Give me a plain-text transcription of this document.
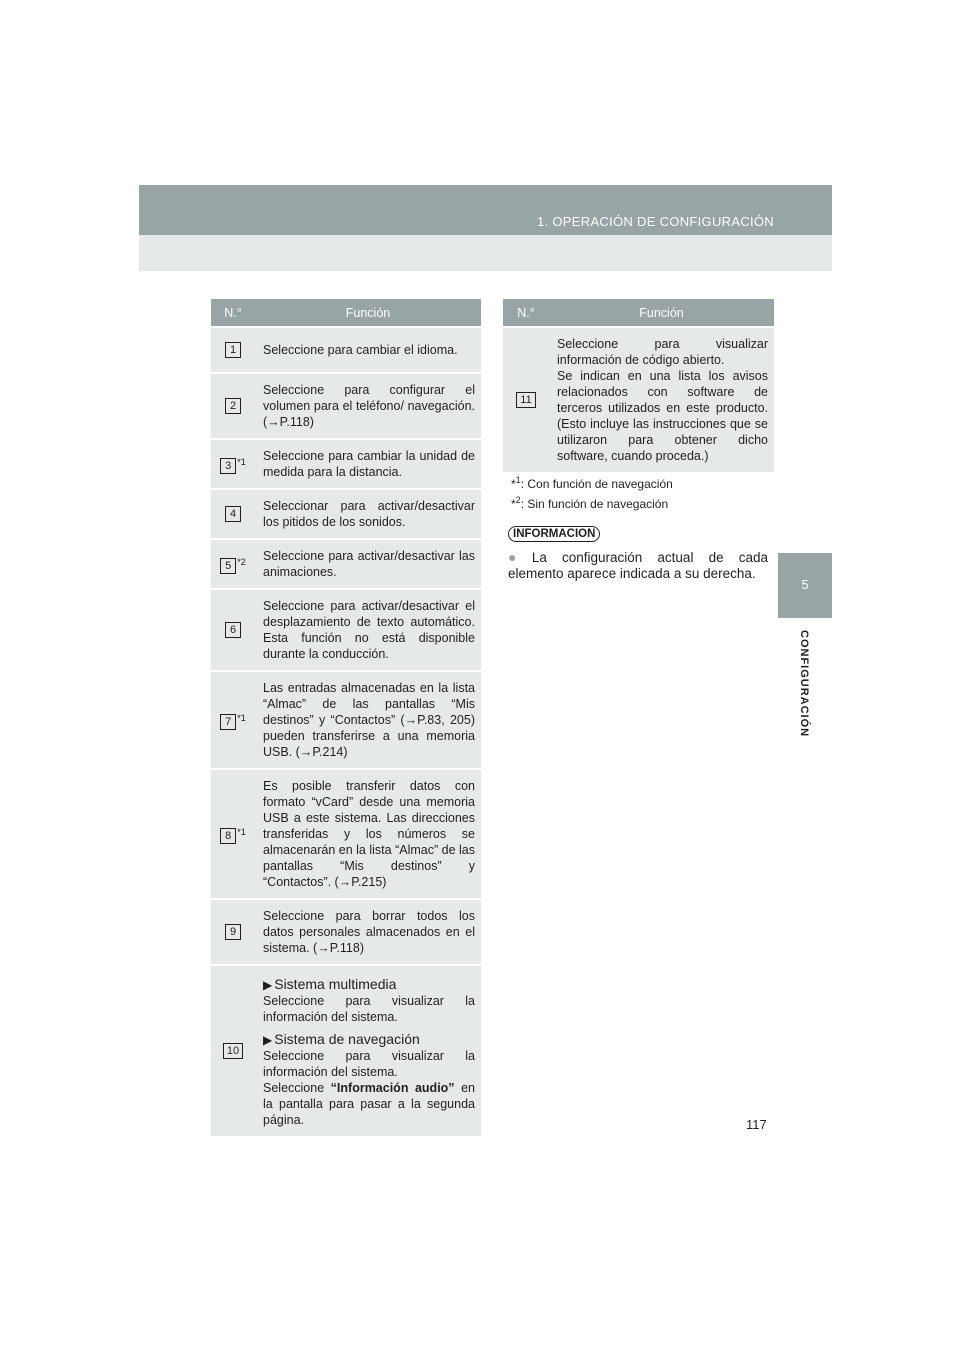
1. OPERACIÓN DE CONFIGURACIÓN
5
CONFIGURACIÓN
N.°	Función
1	Seleccione para cambiar el idioma.
2	Seleccione para configurar el volumen para el teléfono/ navegación. (→P.118)
3 $^{*1}$	Seleccione para cambiar la unidad de medida para la distancia.
4	Seleccionar para activar/desactivar los pitidos de los sonidos.
5 $^{*2}$	Seleccione para activar/desactivar las animaciones.
6	Seleccione para activar/desactivar el desplazamiento de texto automático. Esta función no está disponible durante la conducción.
7 $^{*1}$	Las entradas almacenadas en la lista “Almac” de las pantallas “Mis destinos” y “Contactos” (→P.83, 205) pueden transferirse a una memoria USB. (→P.214)
8 $^{*1}$	Es posible transferir datos con formato “vCard” desde una memoria USB a este sistema. Las direcciones transferidas y los números se almacenarán en la lista “Almac” de las pantallas “Mis destinos” y “Contactos”. (→P.215)
9	Seleccione para borrar todos los datos personales almacenados en el sistema. (→P.118)
10	▶ Sistema multimedia
Seleccione para visualizar la información del sistema.
▶ Sistema de navegación
Seleccione para visualizar la información del sistema.
Seleccione “Información audio” en la pantalla para pasar a la segunda página.
N.°	Función
11	Seleccione para visualizar información de código abierto.
Se indican en una lista los avisos relacionados con software de terceros utilizados en este producto. (Esto incluye las instrucciones que se utilizaron para obtener dicho software, cuando proceda.)
*$^1$: Con función de navegación
*$^2$: Sin función de navegación
INFORMACION
● La configuración actual de cada elemento aparece indicada a su derecha.
117
